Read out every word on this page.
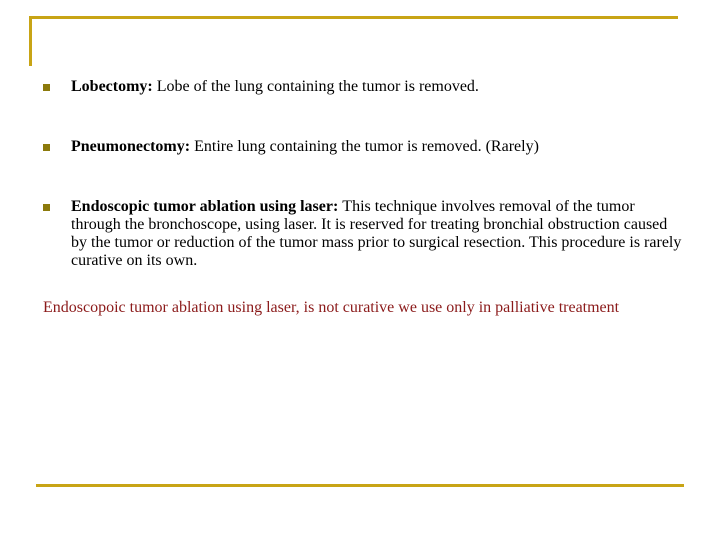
Lobectomy: Lobe of the lung containing the tumor is removed.
Pneumonectomy: Entire lung containing the tumor is removed. (Rarely)
Endoscopic tumor ablation using laser: This technique involves removal of the tumor through the bronchoscope, using laser. It is reserved for treating bronchial obstruction caused by the tumor or reduction of the tumor mass prior to surgical resection. This procedure is rarely curative on its own.

Endoscopoic tumor ablation using laser, is not curative we use only in palliative treatment
